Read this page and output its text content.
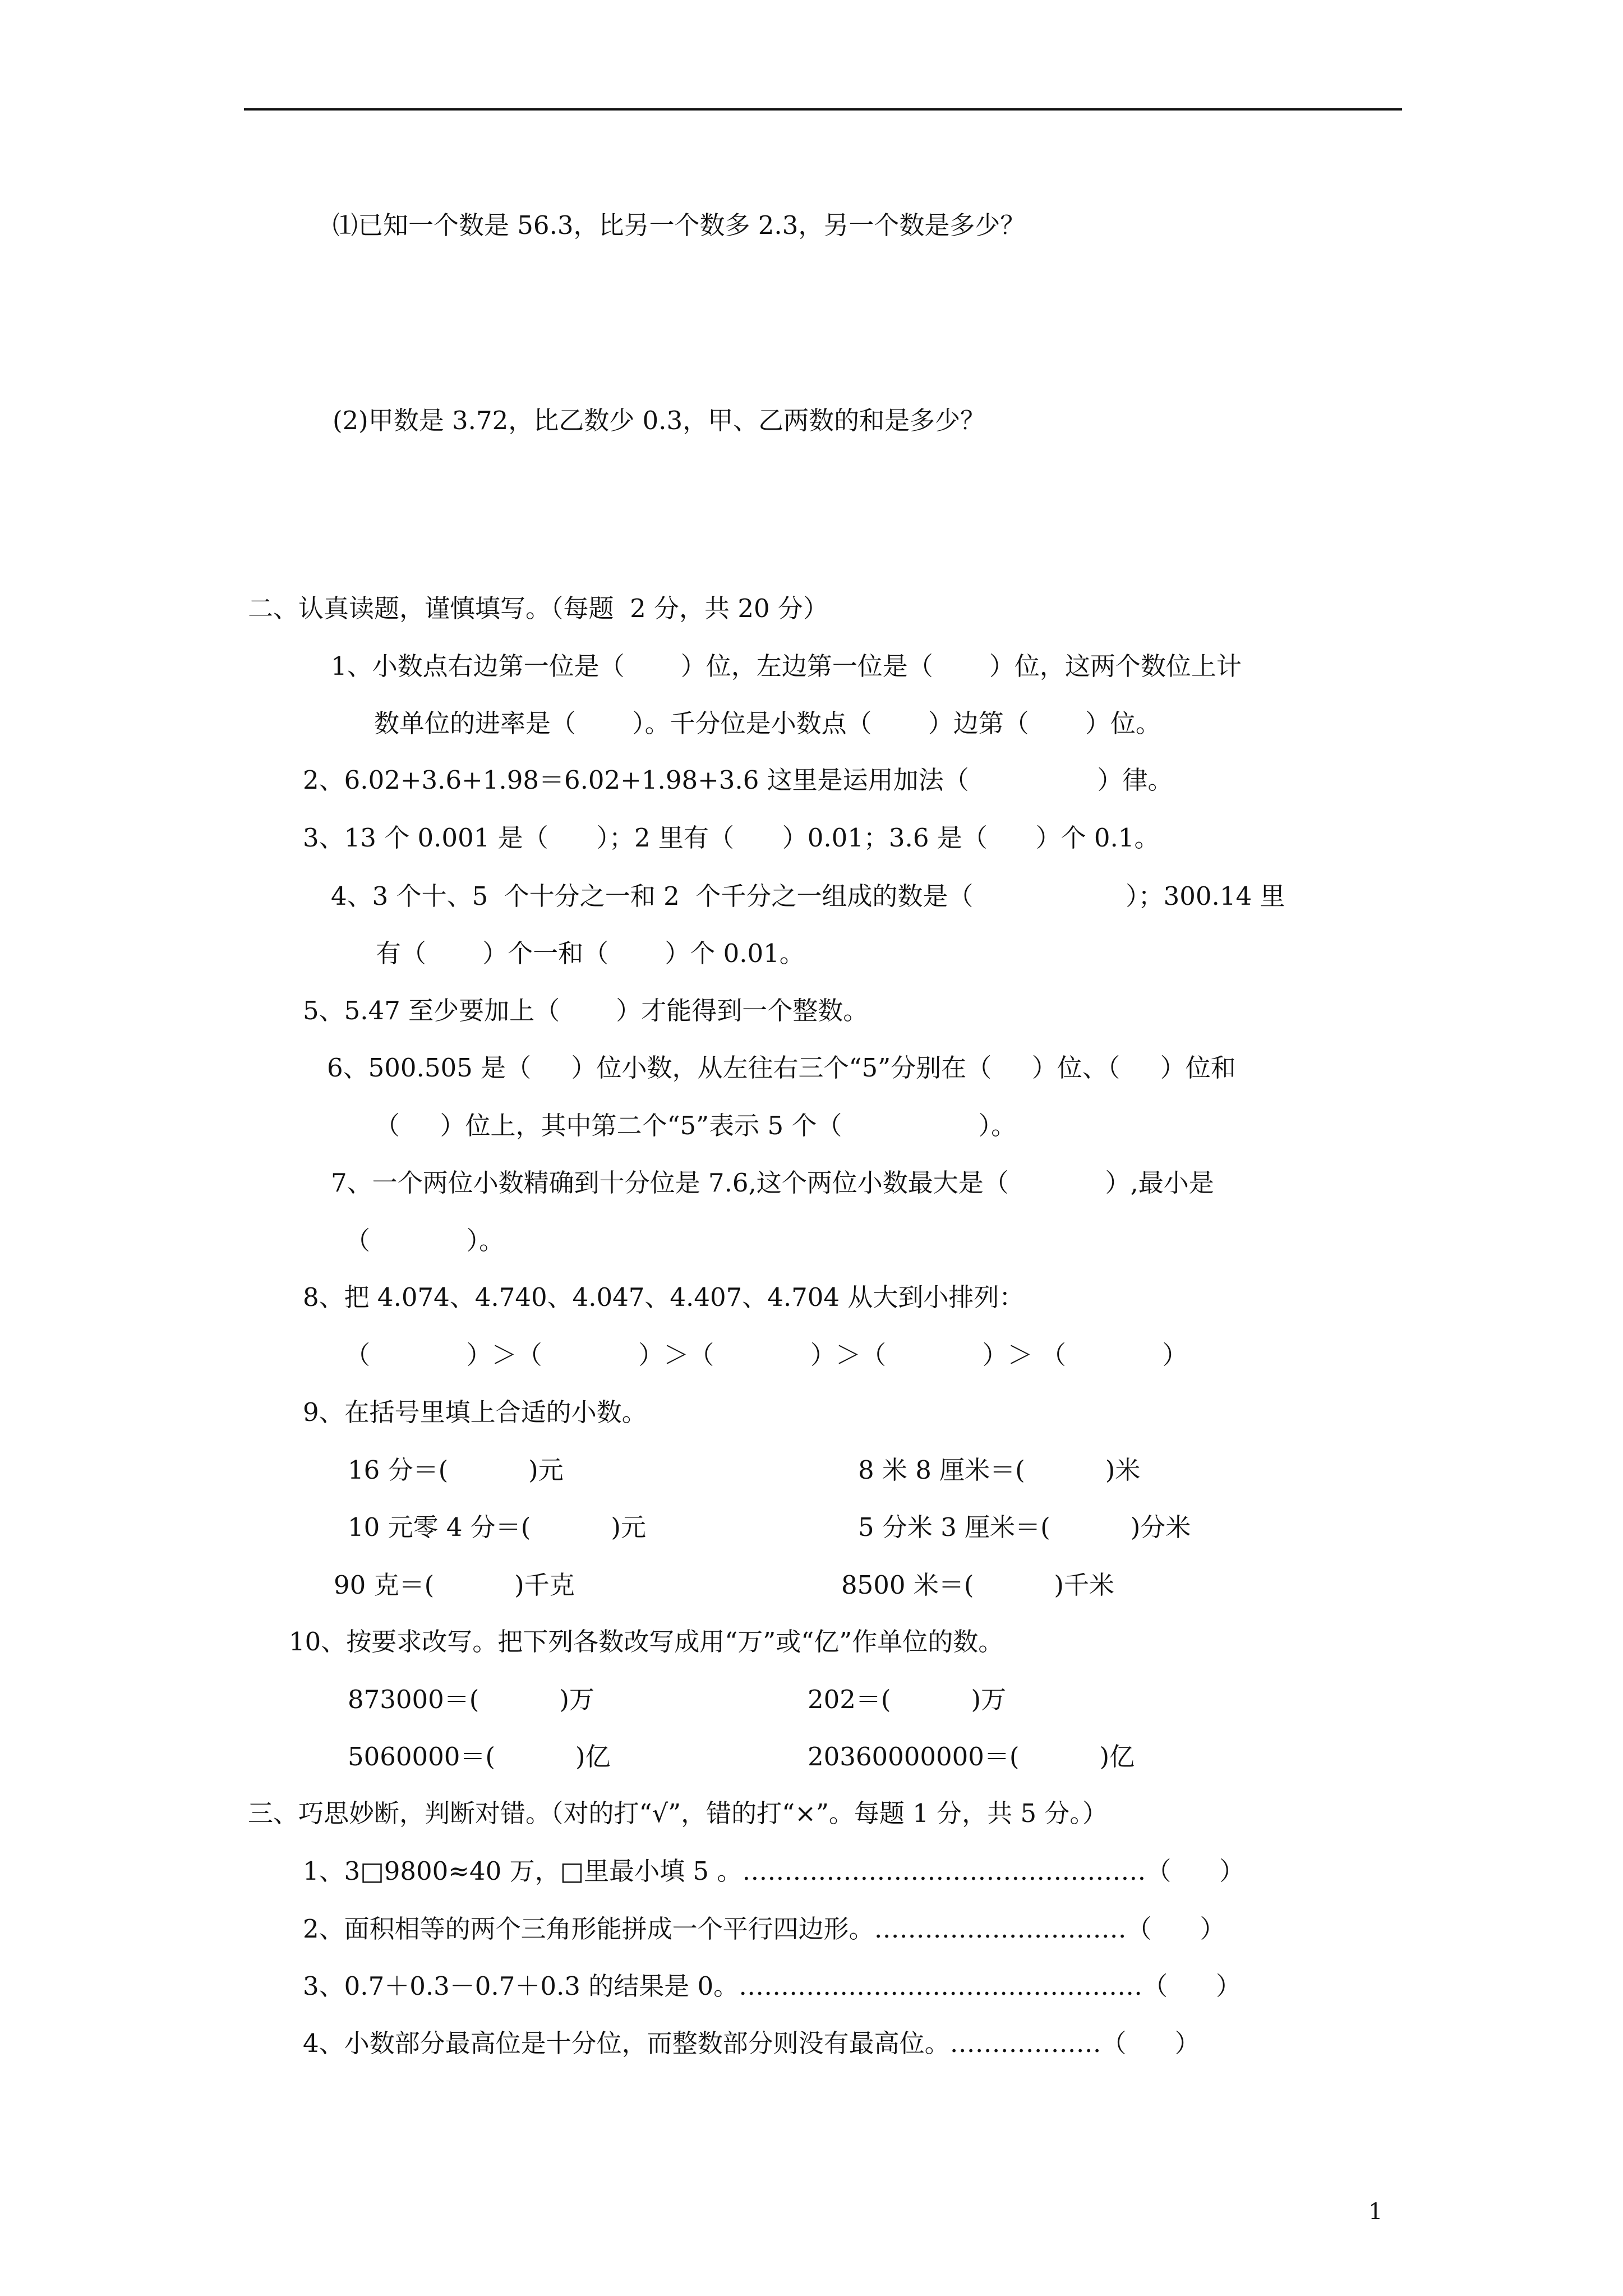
⑴已知一个数是 56.3，比另一个数多 2.3，另一个数是多少？
(2)甲数是 3.72，比乙数少 0.3，甲、乙两数的和是多少？
二、认真读题，谨慎填写。（每题  2 分，共 20 分）
1、小数点右边第一位是（       ）位，左边第一位是（       ）位，这两个数位上计
数单位的进率是（       ）。千分位是小数点（       ）边第（       ）位。
2、6.02+3.6+1.98＝6.02+1.98+3.6 这里是运用加法（                ）律。
3、13 个 0.001 是（      ）；2 里有（      ）0.01；3.6 是（      ）个 0.1。
4、3 个十、5  个十分之一和 2  个千分之一组成的数是（                   ）；300.14 里
有（       ）个一和（       ）个 0.01。
5、5.47 至少要加上（       ）才能得到一个整数。
6、500.505 是（     ）位小数，从左往右三个“5”分别在（     ）位、（     ）位和
（     ）位上，其中第二个“5”表示 5 个（                 ）。
7、一个两位小数精确到十分位是 7.6,这个两位小数最大是（            ）,最小是
（            ）。
8、把 4.074、4.740、4.047、4.407、4.704 从大到小排列：
（            ）＞（            ）＞（            ）＞（            ）＞ （            ）
9、在括号里填上合适的小数。
16 分＝(          )元	8 米 8 厘米＝(          )米
10 元零 4 分＝(          )元	5 分米 3 厘米＝(          )分米
90 克＝(          )千克	8500 米＝(          )千米
10、按要求改写。把下列各数改写成用“万”或“亿”作单位的数。
873000＝(          )万	202＝(          )万
5060000＝(          )亿	20360000000＝(          )亿
三、巧思妙断，判断对错。（对的打“√”，错的打“×”。每题 1 分，共 5 分。）
1、3□9800≈40 万，□里最小填 5 。…………………………………………（      ）
2、面积相等的两个三角形能拼成一个平行四边形。…………………………（      ）
3、0.7＋0.3－0.7＋0.3 的结果是 0。…………………………………………（      ）
4、小数部分最高位是十分位，而整数部分则没有最高位。………………（      ）
1
